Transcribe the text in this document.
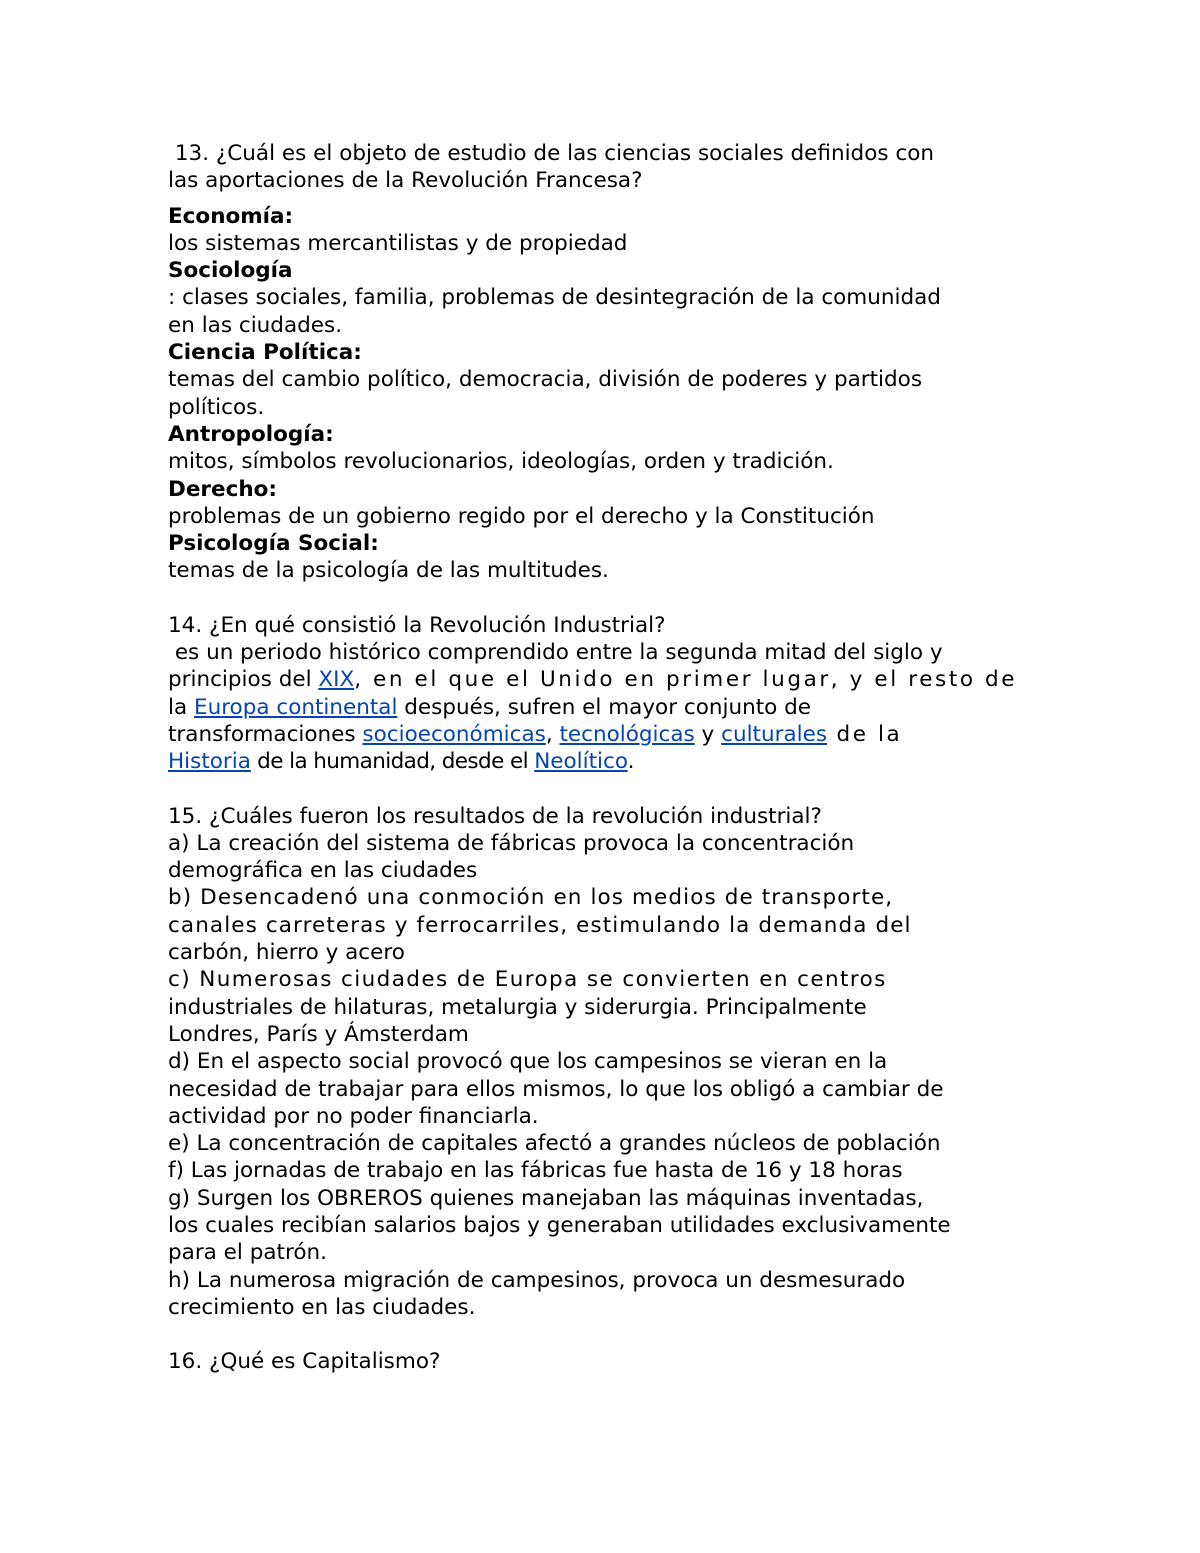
13. ¿Cuál es el objeto de estudio de las ciencias sociales definidos con
las aportaciones de la Revolución Francesa?
Economía:
los sistemas mercantilistas y de propiedad
Sociología
: clases sociales, familia, problemas de desintegración de la comunidad
en las ciudades.
Ciencia Política:
temas del cambio político, democracia, división de poderes y partidos
políticos.
Antropología:
mitos, símbolos revolucionarios, ideologías, orden y tradición.
Derecho:
problemas de un gobierno regido por el derecho y la Constitución
Psicología Social:
temas de la psicología de las multitudes.
14. ¿En qué consistió la Revolución Industrial?
es un periodo histórico comprendido entre la segunda mitad del siglo y
principios del XIX, en el que el Unido en primer lugar, y el resto de
la Europa continental después, sufren el mayor conjunto de
transformaciones socioeconómicas, tecnológicas y culturales de la
Historia de la humanidad, desde el Neolítico.
15. ¿Cuáles fueron los resultados de la revolución industrial?
a) La creación del sistema de fábricas provoca la concentración
demográfica en las ciudades
b) Desencadenó una conmoción en los medios de transporte,
canales carreteras y ferrocarriles, estimulando la demanda del
carbón, hierro y acero
c) Numerosas ciudades de Europa se convierten en centros
industriales de hilaturas, metalurgia y siderurgia. Principalmente
Londres, París y Ámsterdam
d) En el aspecto social provocó que los campesinos se vieran en la
necesidad de trabajar para ellos mismos, lo que los obligó a cambiar de
actividad por no poder financiarla.
e) La concentración de capitales afectó a grandes núcleos de población
f) Las jornadas de trabajo en las fábricas fue hasta de 16 y 18 horas
g) Surgen los OBREROS quienes manejaban las máquinas inventadas,
los cuales recibían salarios bajos y generaban utilidades exclusivamente
para el patrón.
h) La numerosa migración de campesinos, provoca un desmesurado
crecimiento en las ciudades.
16. ¿Qué es Capitalismo?
